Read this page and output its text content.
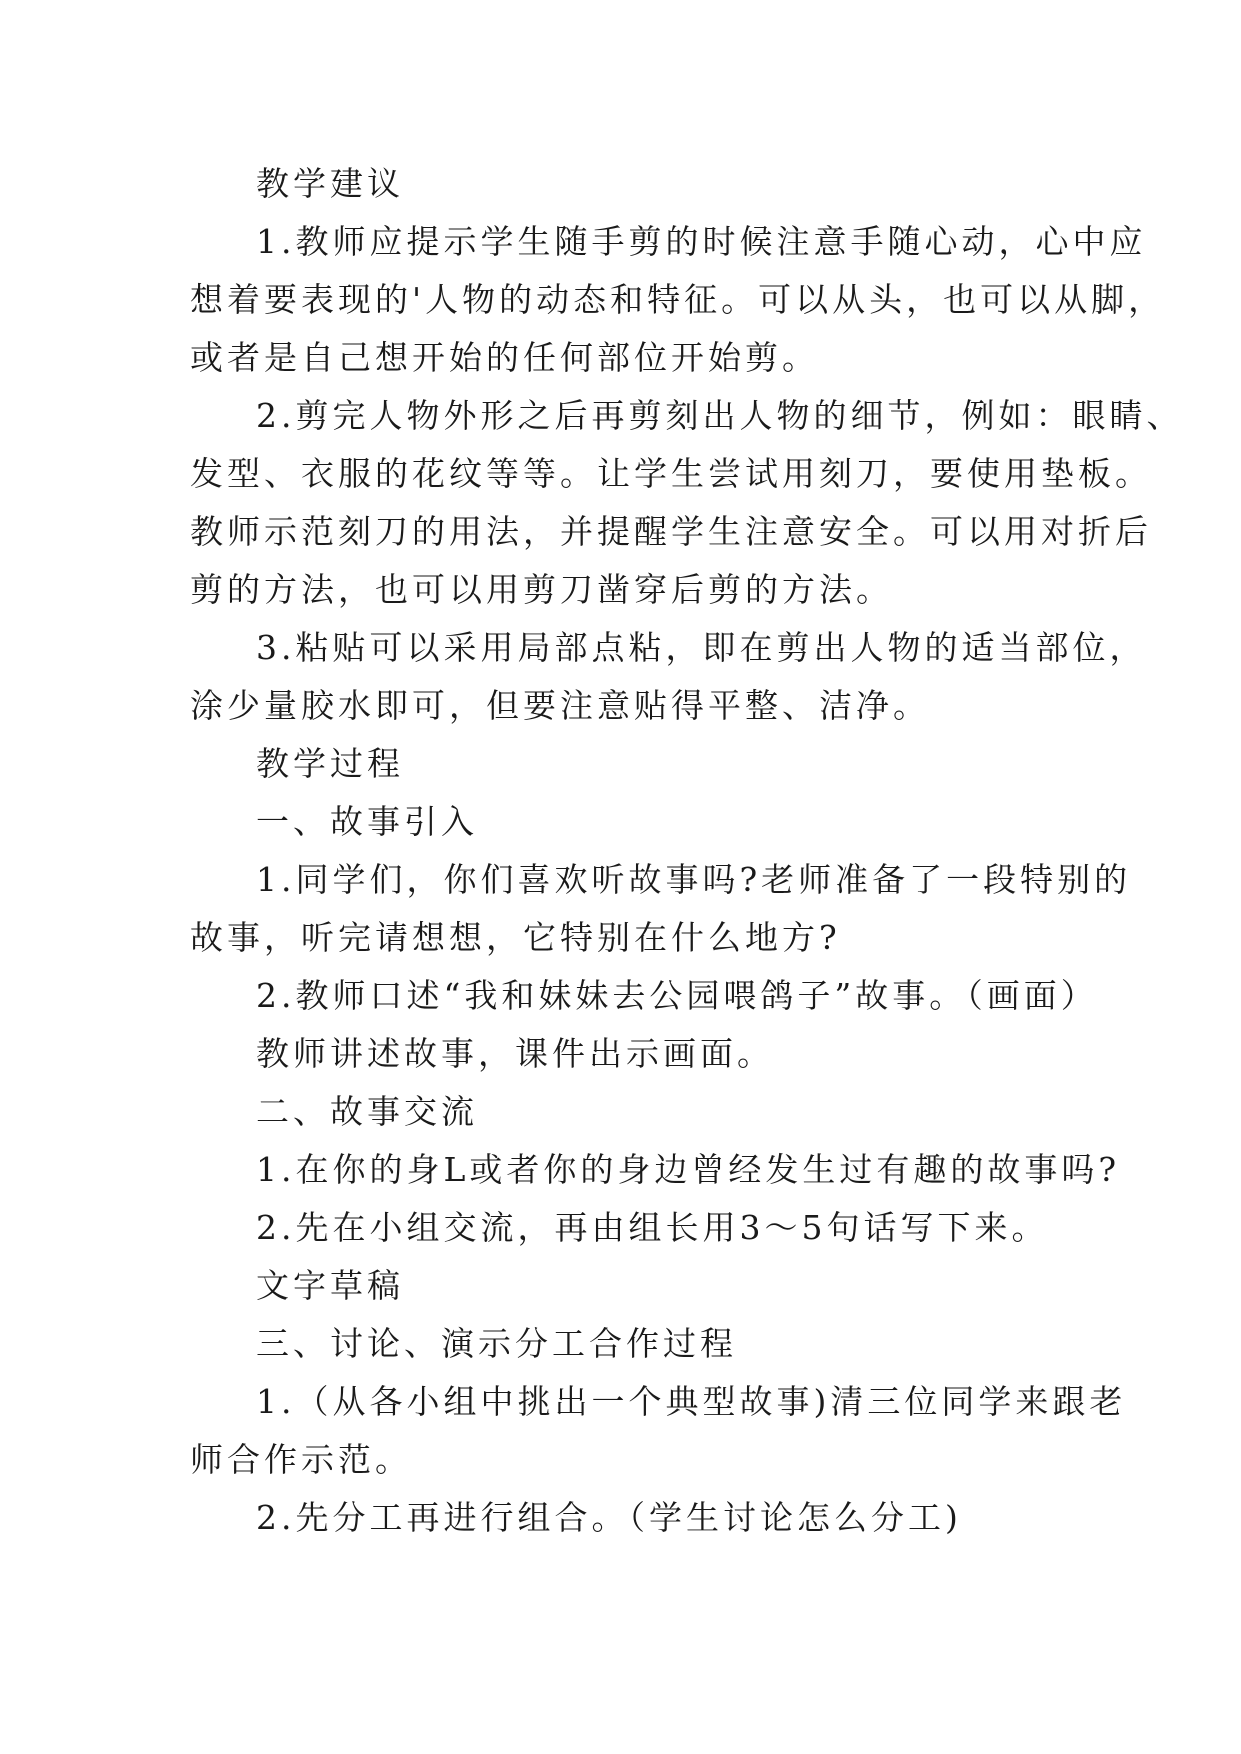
教学建议

1.教师应提示学生随手剪的时候注意手随心动，心中应

想着要表现的'人物的动态和特征。可以从头，也可以从脚，

或者是自己想开始的任何部位开始剪。

2.剪完人物外形之后再剪刻出人物的细节，例如：眼睛、

发型、衣服的花纹等等。让学生尝试用刻刀，要使用垫板。

教师示范刻刀的用法，并提醒学生注意安全。可以用对折后

剪的方法，也可以用剪刀凿穿后剪的方法。

3.粘贴可以采用局部点粘，即在剪出人物的适当部位，

涂少量胶水即可，但要注意贴得平整、洁净。

教学过程

一、故事引入

1.同学们，你们喜欢听故事吗?老师准备了一段特别的

故事，听完请想想，它特别在什么地方?

2.教师口述“我和妹妹去公园喂鸽子”故事。（画面）

教师讲述故事，课件出示画面。

二、故事交流

1.在你的身L或者你的身边曾经发生过有趣的故事吗?

2.先在小组交流，再由组长用3～5句话写下来。

文字草稿

三、讨论、演示分工合作过程

1.（从各小组中挑出一个典型故事)清三位同学来跟老

师合作示范。

2.先分工再进行组合。（学生讨论怎么分工)
